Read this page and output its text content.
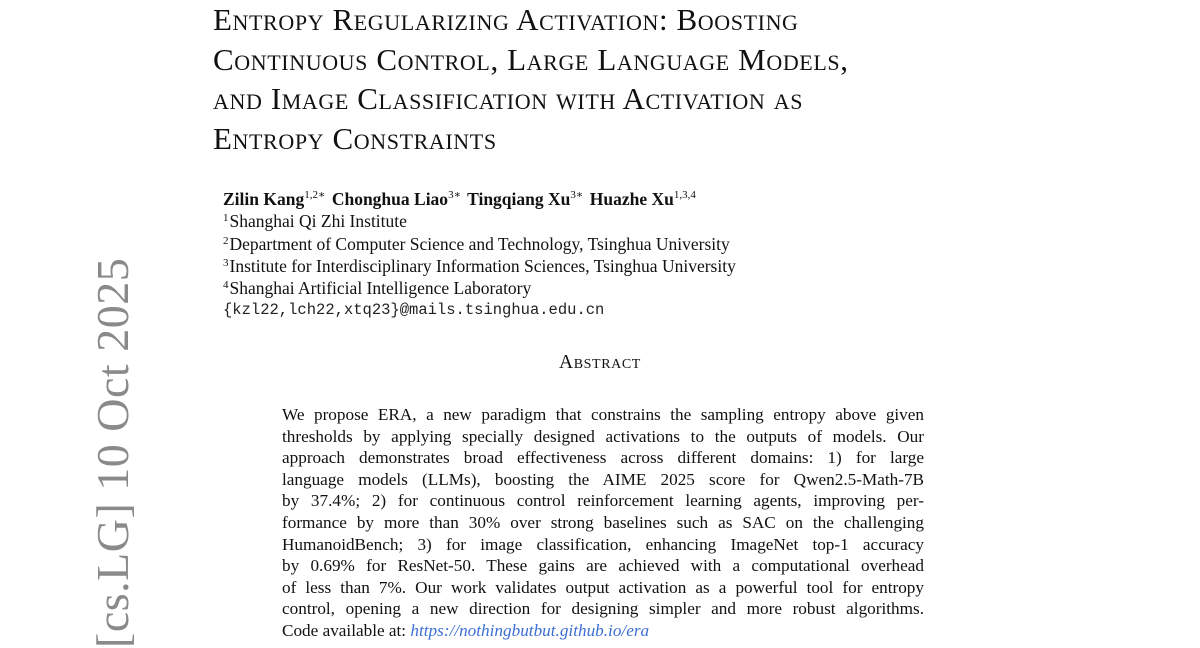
[cs.LG] 10 Oct 2025
Entropy Regularizing Activation: Boosting
Continuous Control, Large Language Models,
and Image Classification with Activation as
Entropy Constraints
Zilin Kang$^{1,2∗}$ Chonghua Liao$^{3∗}$ Tingqiang $Xu^{3∗}$ Huazhe Xu$^{1,3,4}$
$^1$Shanghai Qi Zhi Institute
$^2$Department of Computer Science and Technology, Tsinghua University
$^3$Institute for Interdisciplinary Information Sciences, Tsinghua University
$^4$Shanghai Artificial Intelligence Laboratory
{kzl22,lch22,xtq23}@mails.tsinghua.edu.cn
Abstract
We propose ERA, a new paradigm that constrains the sampling entropy above given
thresholds by applying specially designed activations to the outputs of models. Our
approach demonstrates broad effectiveness across different domains: 1) for large
language models (LLMs), boosting the AIME 2025 score for Qwen2.5-Math-7B
by 37.4%; 2) for continuous control reinforcement learning agents, improving per-
formance by more than 30% over strong baselines such as SAC on the challenging
HumanoidBench; 3) for image classification, enhancing ImageNet top-1 accuracy
by 0.69% for ResNet-50. These gains are achieved with a computational overhead
of less than 7%. Our work validates output activation as a powerful tool for entropy
control, opening a new direction for designing simpler and more robust algorithms.
Code available at: https://nothingbutbut.github.io/era
